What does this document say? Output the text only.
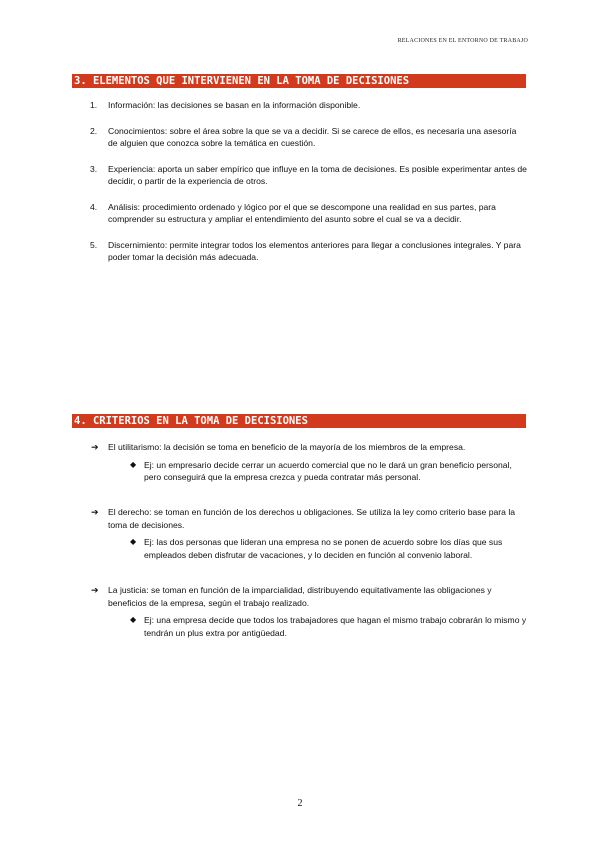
RELACIONES EN EL ENTORNO DE TRABAJO
3. ELEMENTOS QUE INTERVIENEN EN LA TOMA DE DECISIONES
1. Información: las decisiones se basan en la información disponible.
2. Conocimientos: sobre el área sobre la que se va a decidir. Si se carece de ellos, es necesaria una asesoría de alguien que conozca sobre la temática en cuestión.
3. Experiencia: aporta un saber empírico que influye en la toma de decisiones. Es posible experimentar antes de decidir, o partir de la experiencia de otros.
4. Análisis: procedimiento ordenado y lógico por el que se descompone una realidad en sus partes, para comprender su estructura y ampliar el entendimiento del asunto sobre el cual se va a decidir.
5. Discernimiento: permite integrar todos los elementos anteriores para llegar a conclusiones integrales. Y para poder tomar la decisión más adecuada.
4. CRITERIOS EN LA TOMA DE DECISIONES
➔ El utilitarismo: la decisión se toma en beneficio de la mayoría de los miembros de la empresa.
◆ Ej: un empresario decide cerrar un acuerdo comercial que no le dará un gran beneficio personal, pero conseguirá que la empresa crezca y pueda contratar más personal.
➔ El derecho: se toman en función de los derechos u obligaciones. Se utiliza la ley como criterio base para la toma de decisiones.
◆ Ej: las dos personas que lideran una empresa no se ponen de acuerdo sobre los días que sus empleados deben disfrutar de vacaciones, y lo deciden en función al convenio laboral.
➔ La justicia: se toman en función de la imparcialidad, distribuyendo equitativamente las obligaciones y beneficios de la empresa, según el trabajo realizado.
◆ Ej: una empresa decide que todos los trabajadores que hagan el mismo trabajo cobrarán lo mismo y tendrán un plus extra por antigüedad.
2
